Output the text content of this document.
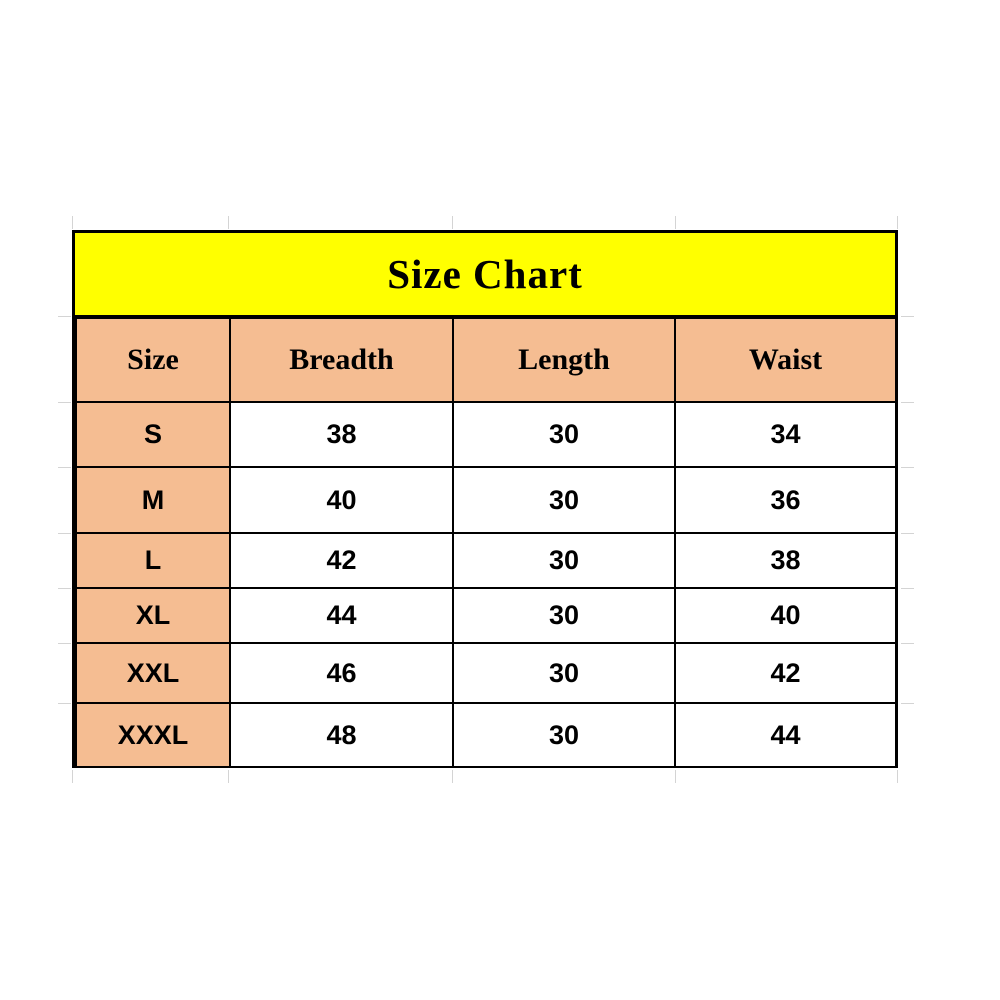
Size Chart
Size	Breadth	Length	Waist
S	38	30	34
M	40	30	36
L	42	30	38
XL	44	30	40
XXL	46	30	42
XXXL	48	30	44
